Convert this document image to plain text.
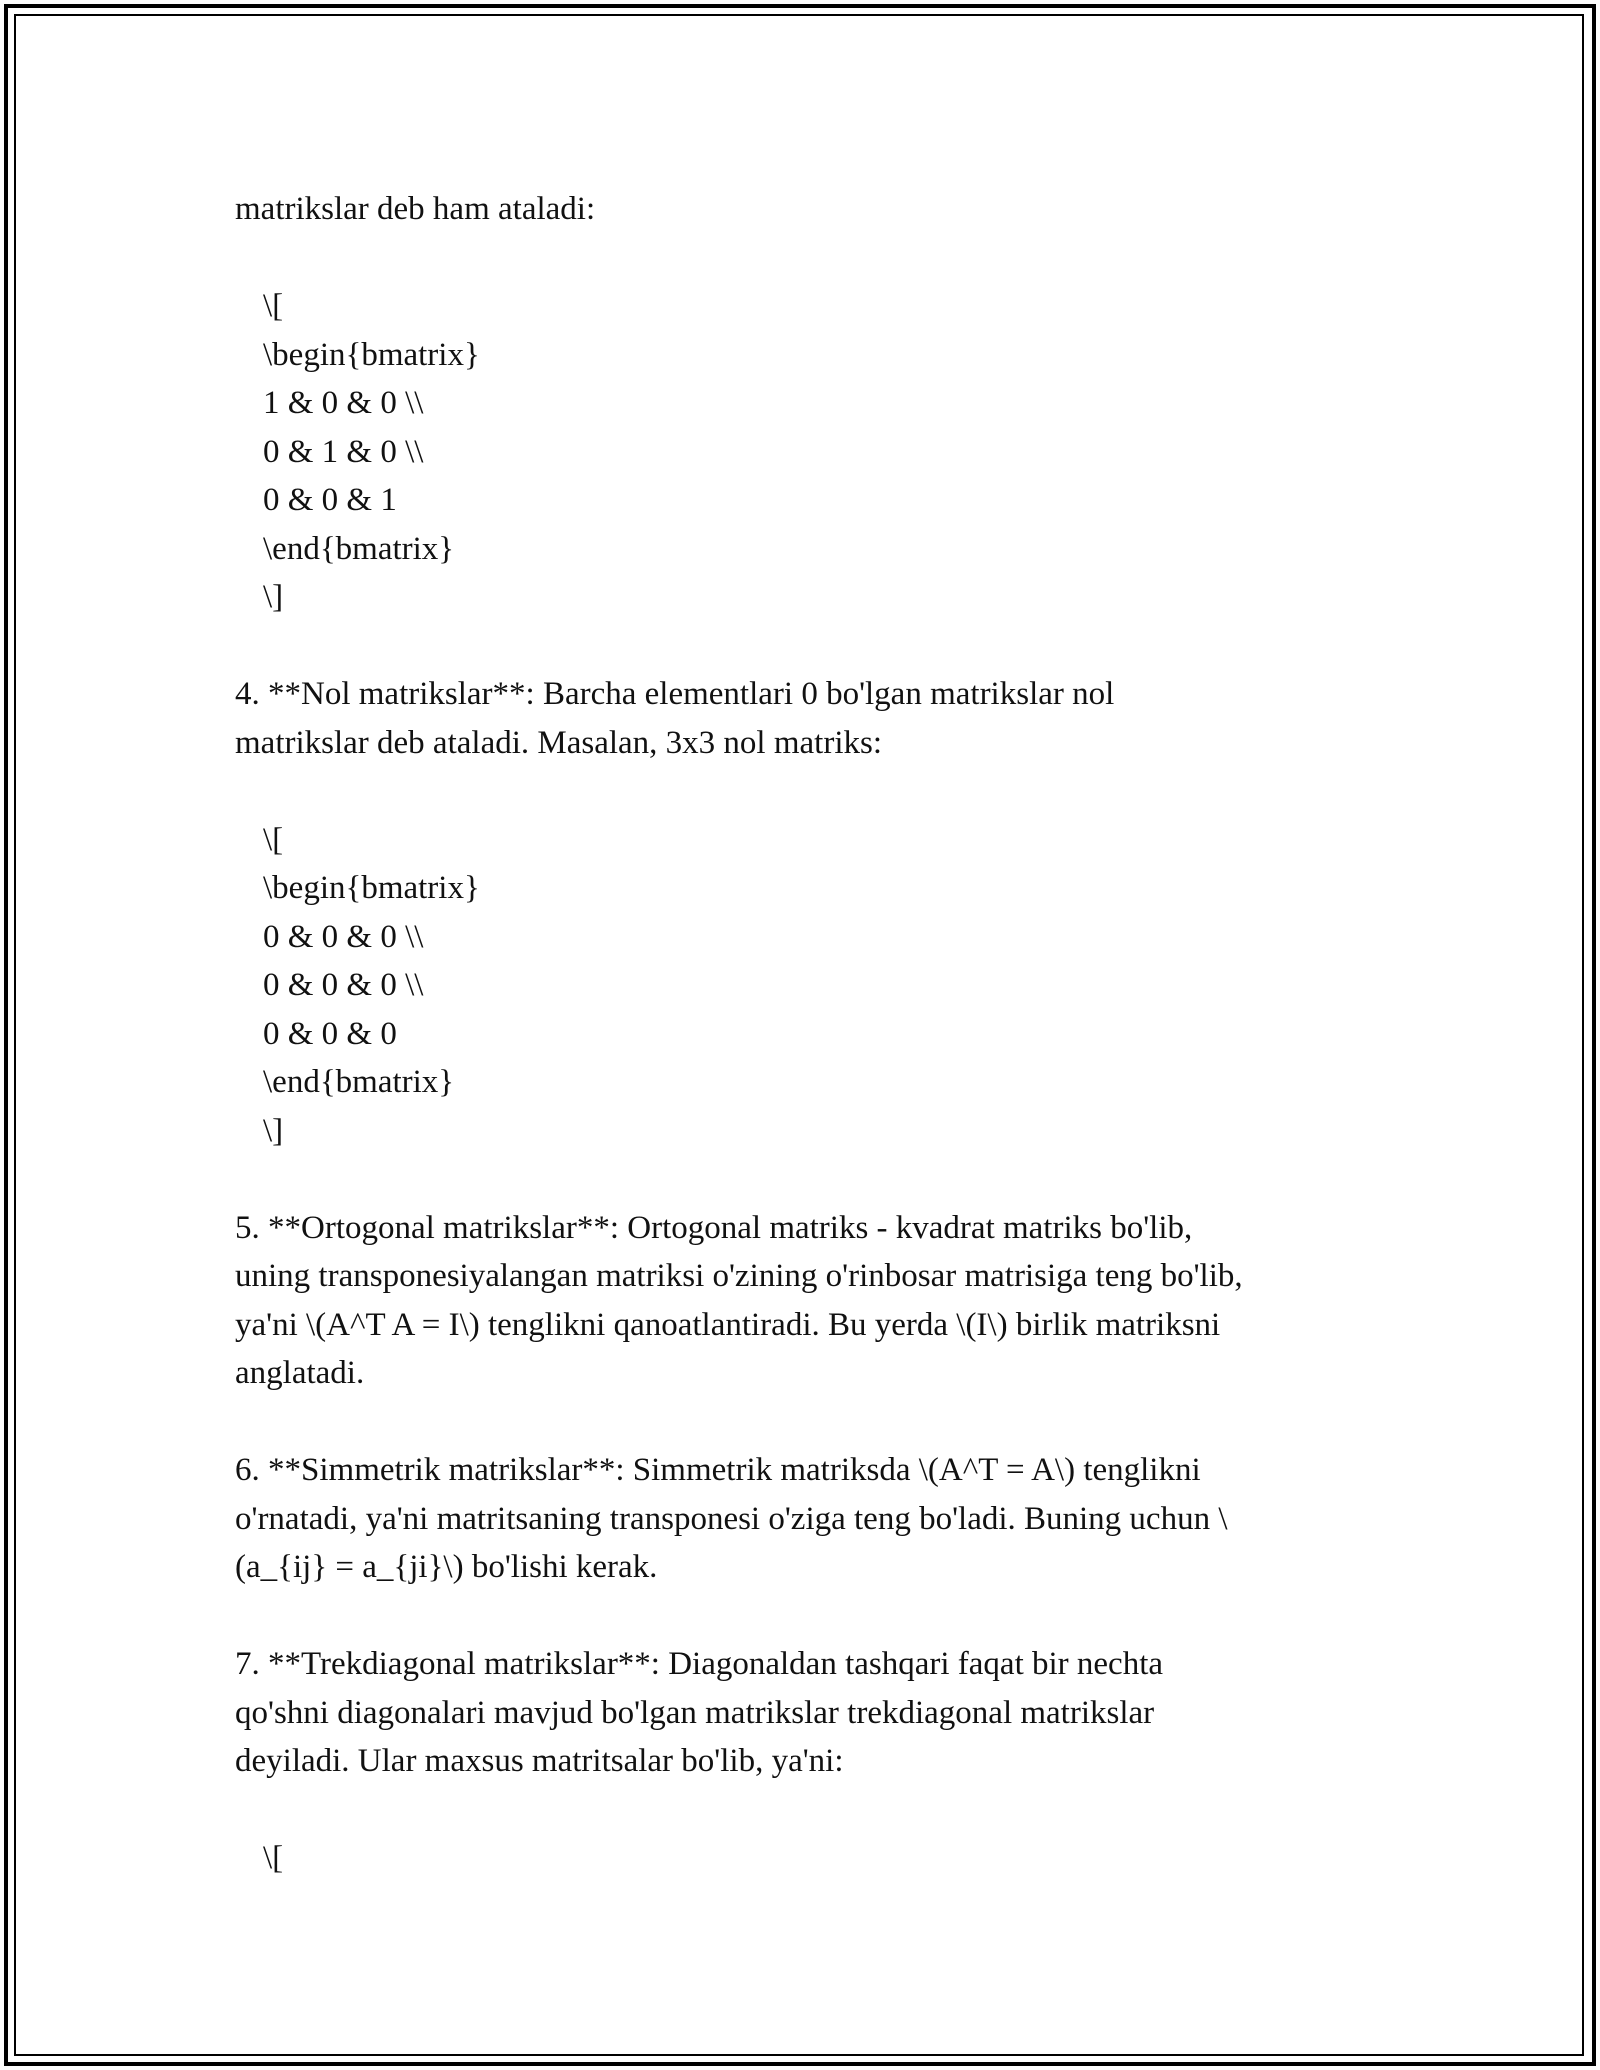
matrikslar deb ham ataladi:

\[
\begin{bmatrix}
1 & 0 & 0 \\
0 & 1 & 0 \\
0 & 0 & 1
\end{bmatrix}
\]

4. **Nol matrikslar**: Barcha elementlari 0 bo'lgan matrikslar nol
matrikslar deb ataladi. Masalan, 3x3 nol matriks:

\[
\begin{bmatrix}
0 & 0 & 0 \\
0 & 0 & 0 \\
0 & 0 & 0
\end{bmatrix}
\]

5. **Ortogonal matrikslar**: Ortogonal matriks - kvadrat matriks bo'lib,
uning transponesiyalangan matriksi o'zining o'rinbosar matrisiga teng bo'lib,
ya'ni \(A^T A = I\) tenglikni qanoatlantiradi. Bu yerda \(I\) birlik matriksni
anglatadi.

6. **Simmetrik matrikslar**: Simmetrik matriksda \(A^T = A\) tenglikni
o'rnatadi, ya'ni matritsaning transponesi o'ziga teng bo'ladi. Buning uchun \
(a_{ij} = a_{ji}\) bo'lishi kerak.

7. **Trekdiagonal matrikslar**: Diagonaldan tashqari faqat bir nechta
qo'shni diagonalari mavjud bo'lgan matrikslar trekdiagonal matrikslar
deyiladi. Ular maxsus matritsalar bo'lib, ya'ni:

\[
